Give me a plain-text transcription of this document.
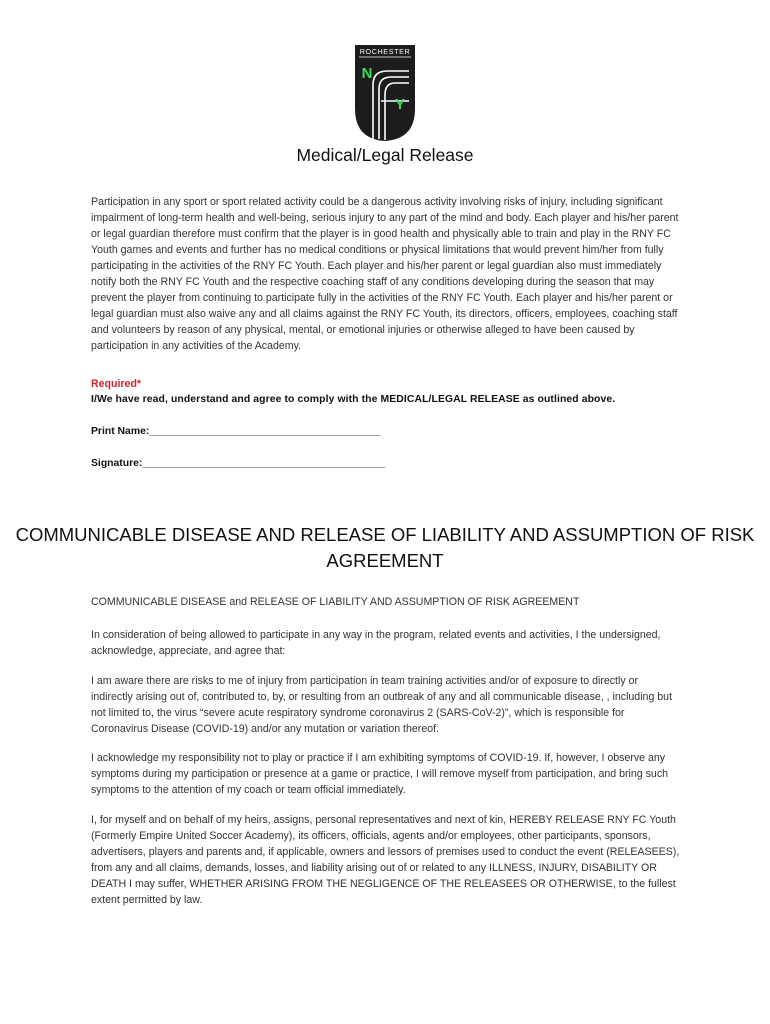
ROCHESTER
N
Y
Medical/Legal Release
Participation in any sport or sport related activity could be a dangerous activity involving risks of injury, including significant impairment of long-term health and well-being, serious injury to any part of the mind and body. Each player and his/her parent or legal guardian therefore must confirm that the player is in good health and physically able to train and play in the RNY FC Youth games and events and further has no medical conditions or physical limitations that would prevent him/her from fully participating in the activities of the RNY FC Youth. Each player and his/her parent or legal guardian also must immediately notify both the RNY FC Youth and the respective coaching staff of any conditions developing during the season that may prevent the player from continuing to participate fully in the activities of the RNY FC Youth. Each player and his/her parent or legal guardian must also waive any and all claims against the RNY FC Youth, its directors, officers, employees, coaching staff and volunteers by reason of any physical, mental, or emotional injuries or otherwise alleged to have been caused by participation in any activities of the Academy.
Required*
I/We have read, understand and agree to comply with the MEDICAL/LEGAL RELEASE as outlined above.
Print Name:________________________________________
Signature:__________________________________________
COMMUNICABLE DISEASE AND RELEASE OF LIABILITY AND ASSUMPTION OF RISK AGREEMENT
COMMUNICABLE DISEASE and RELEASE OF LIABILITY AND ASSUMPTION OF RISK AGREEMENT
In consideration of being allowed to participate in any way in the program, related events and activities, I the undersigned, acknowledge, appreciate, and agree that:
I am aware there are risks to me of injury from participation in team training activities and/or of exposure to directly or indirectly arising out of, contributed to, by, or resulting from an outbreak of any and all communicable disease, , including but not limited to, the virus “severe acute respiratory syndrome coronavirus 2 (SARS-CoV-2)”, which is responsible for Coronavirus Disease (COVID-19) and/or any mutation or variation thereof.
I acknowledge my responsibility not to play or practice if I am exhibiting symptoms of COVID-19. If, however, I observe any symptoms during my participation or presence at a game or practice, I will remove myself from participation, and bring such symptoms to the attention of my coach or team official immediately.
I, for myself and on behalf of my heirs, assigns, personal representatives and next of kin, HEREBY RELEASE RNY FC Youth (Formerly Empire United Soccer Academy), its officers, officials, agents and/or employees, other participants, sponsors, advertisers, players and parents and, if applicable, owners and lessors of premises used to conduct the event (RELEASEES), from any and all claims, demands, losses, and liability arising out of or related to any ILLNESS, INJURY, DISABILITY OR DEATH I may suffer, WHETHER ARISING FROM THE NEGLIGENCE OF THE RELEASEES OR OTHERWISE, to the fullest extent permitted by law.
